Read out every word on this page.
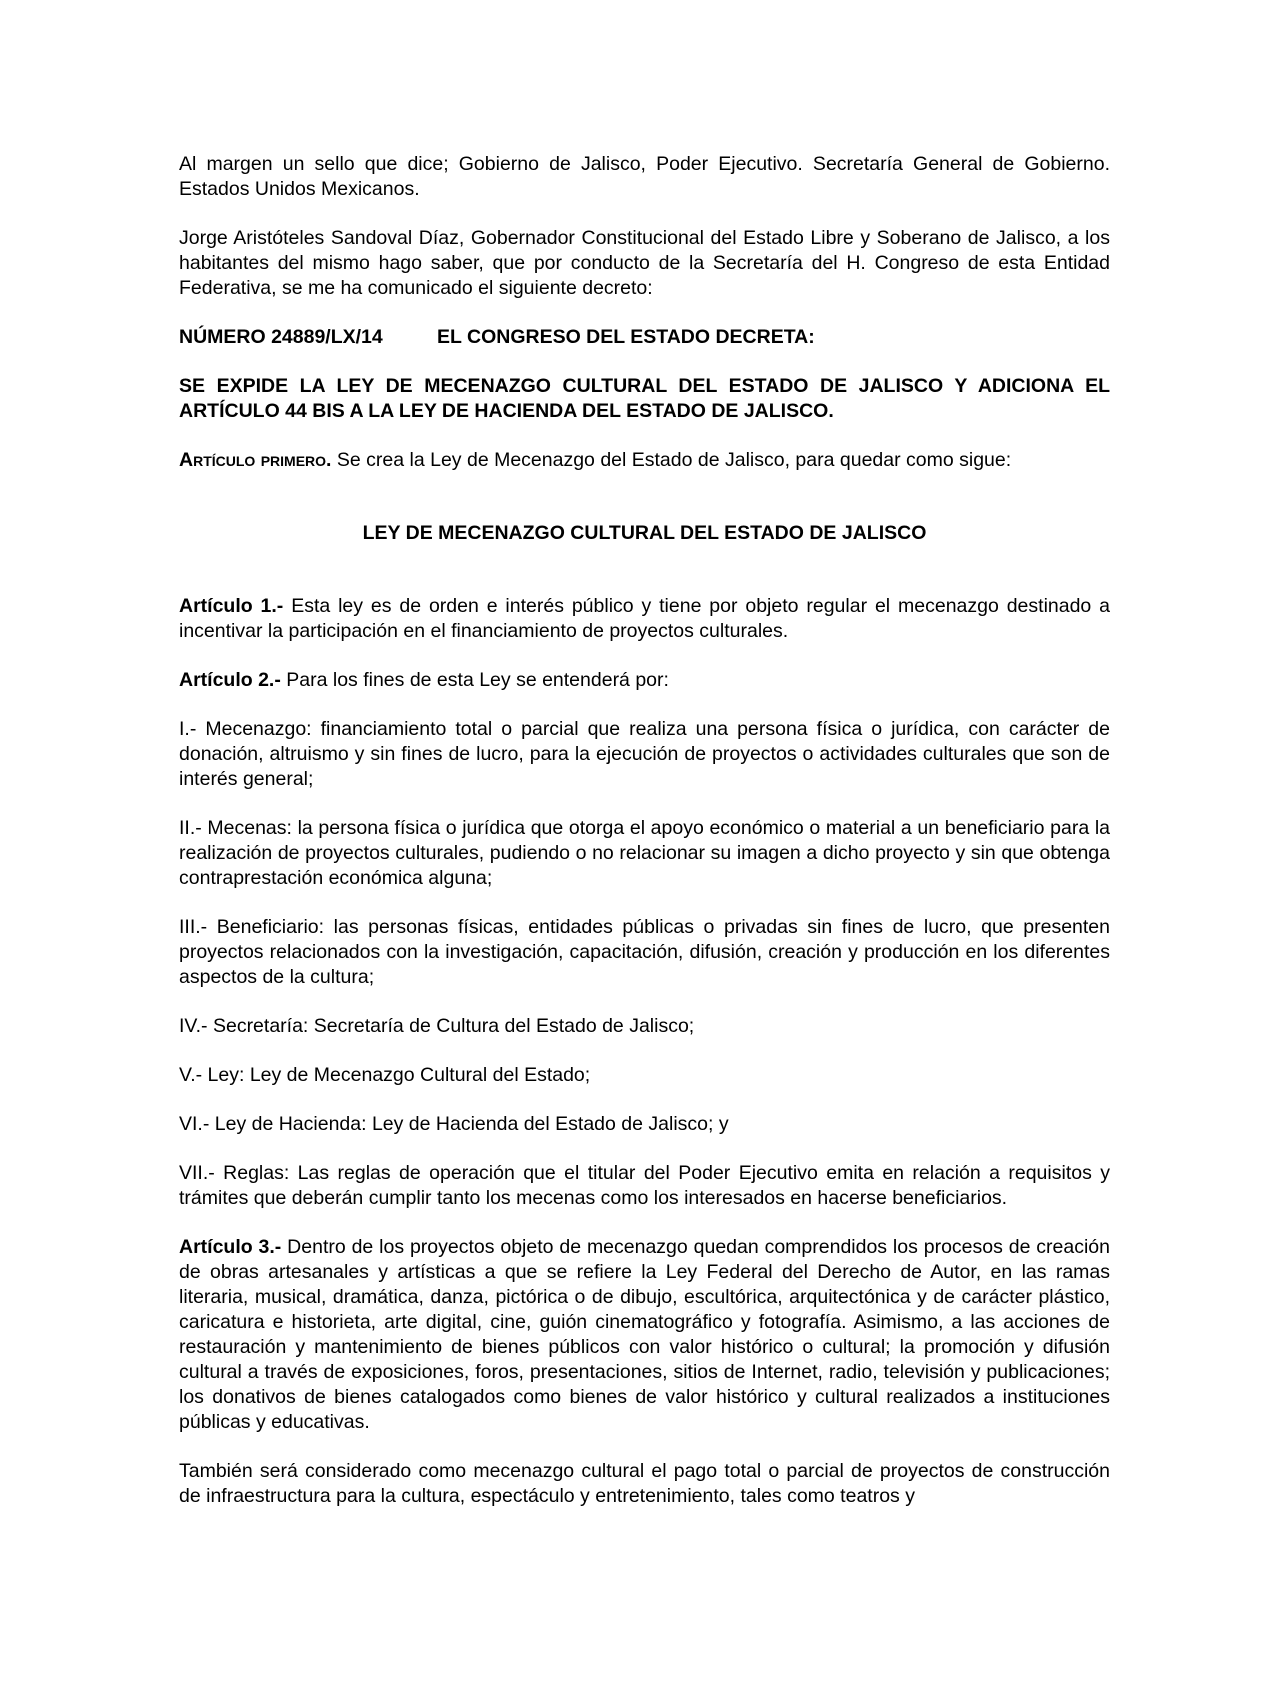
Al margen un sello que dice; Gobierno de Jalisco, Poder Ejecutivo. Secretaría General de Gobierno. Estados Unidos Mexicanos.

Jorge Aristóteles Sandoval Díaz, Gobernador Constitucional del Estado Libre y Soberano de Jalisco, a los habitantes del mismo hago saber, que por conducto de la Secretaría del H. Congreso de esta Entidad Federativa, se me ha comunicado el siguiente decreto:

NÚMERO 24889/LX/14	EL CONGRESO DEL ESTADO DECRETA:

SE EXPIDE LA LEY DE MECENAZGO CULTURAL DEL ESTADO DE JALISCO Y ADICIONA EL ARTÍCULO 44 BIS A LA LEY DE HACIENDA DEL ESTADO DE JALISCO.

Artículo primero. Se crea la Ley de Mecenazgo del Estado de Jalisco, para quedar como sigue:

LEY DE MECENAZGO CULTURAL DEL ESTADO DE JALISCO

Artículo 1.- Esta ley es de orden e interés público y tiene por objeto regular el mecenazgo destinado a incentivar la participación en el financiamiento de proyectos culturales.

Artículo 2.- Para los fines de esta Ley se entenderá por:

I.- Mecenazgo: financiamiento total o parcial que realiza una persona física o jurídica, con carácter de donación, altruismo y sin fines de lucro, para la ejecución de proyectos o actividades culturales que son de interés general;

II.- Mecenas: la persona física o jurídica que otorga el apoyo económico o material a un beneficiario para la realización de proyectos culturales, pudiendo o no relacionar su imagen a dicho proyecto y sin que obtenga contraprestación económica alguna;

III.- Beneficiario: las personas físicas, entidades públicas o privadas sin fines de lucro, que presenten proyectos relacionados con la investigación, capacitación, difusión, creación y producción en los diferentes aspectos de la cultura;

IV.- Secretaría: Secretaría de Cultura del Estado de Jalisco;

V.- Ley: Ley de Mecenazgo Cultural del Estado;

VI.- Ley de Hacienda: Ley de Hacienda del Estado de Jalisco; y

VII.- Reglas: Las reglas de operación que el titular del Poder Ejecutivo emita en relación a requisitos y trámites que deberán cumplir tanto los mecenas como los interesados en hacerse beneficiarios.

Artículo 3.- Dentro de los proyectos objeto de mecenazgo quedan comprendidos los procesos de creación de obras artesanales y artísticas a que se refiere la Ley Federal del Derecho de Autor, en las ramas literaria, musical, dramática, danza, pictórica o de dibujo, escultórica, arquitectónica y de carácter plástico, caricatura e historieta, arte digital, cine, guión cinematográfico y fotografía. Asimismo, a las acciones de restauración y mantenimiento de bienes públicos con valor histórico o cultural; la promoción y difusión cultural a través de exposiciones, foros, presentaciones, sitios de Internet, radio, televisión y publicaciones; los donativos de bienes catalogados como bienes de valor histórico y cultural realizados a instituciones públicas y educativas.

También será considerado como mecenazgo cultural el pago total o parcial de proyectos de construcción de infraestructura para la cultura, espectáculo y entretenimiento, tales como teatros y
